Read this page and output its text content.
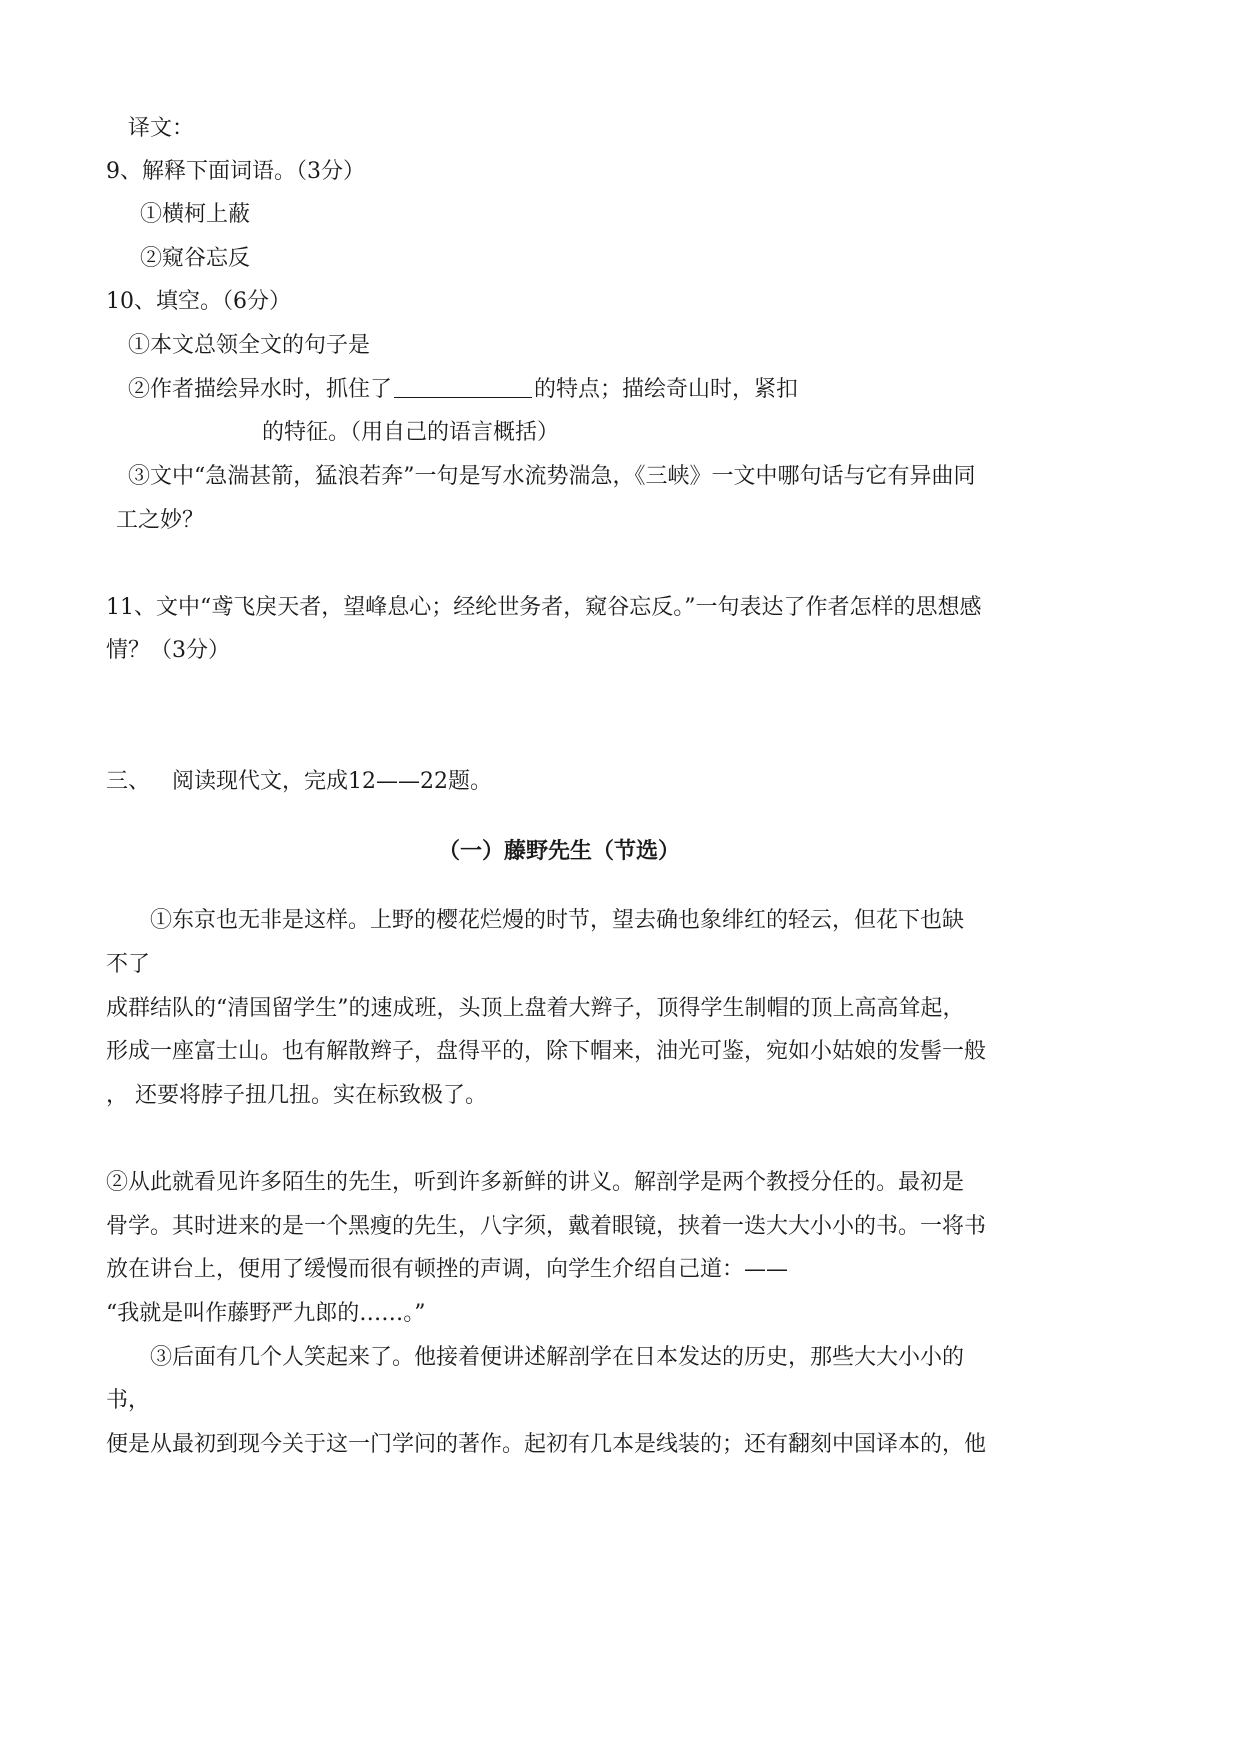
译文：
9、解释下面词语。（3分）
①横柯上蔽
②窥谷忘反
10、填空。（6分）
①本文总领全文的句子是
②作者描绘异水时，抓住了	的特点；描绘奇山时，紧扣
的特征。（用自己的语言概括）
③文中“急湍甚箭，猛浪若奔”一句是写水流势湍急，《三峡》一文中哪句话与它有异曲同
工之妙？
11、文中“鸢飞戾天者，望峰息心；经纶世务者，窥谷忘反。”一句表达了作者怎样的思想感
情？（3分）
三、 阅读现代文，完成12——22题。
（一）藤野先生（节选）
①东京也无非是这样。上野的樱花烂熳的时节，望去确也象绯红的轻云，但花下也缺
不了
成群结队的“清国留学生”的速成班，头顶上盘着大辫子，顶得学生制帽的顶上高高耸起，
形成一座富士山。也有解散辫子，盘得平的，除下帽来，油光可鉴，宛如小姑娘的发髻一般
， 还要将脖子扭几扭。实在标致极了。
②从此就看见许多陌生的先生，听到许多新鲜的讲义。解剖学是两个教授分任的。最初是
骨学。其时进来的是一个黑瘦的先生，八字须，戴着眼镜，挟着一迭大大小小的书。一将书
放在讲台上，便用了缓慢而很有顿挫的声调，向学生介绍自己道：——
“我就是叫作藤野严九郎的……。”
③后面有几个人笑起来了。他接着便讲述解剖学在日本发达的历史，那些大大小小的
书，
便是从最初到现今关于这一门学问的著作。起初有几本是线装的；还有翻刻中国译本的，他
